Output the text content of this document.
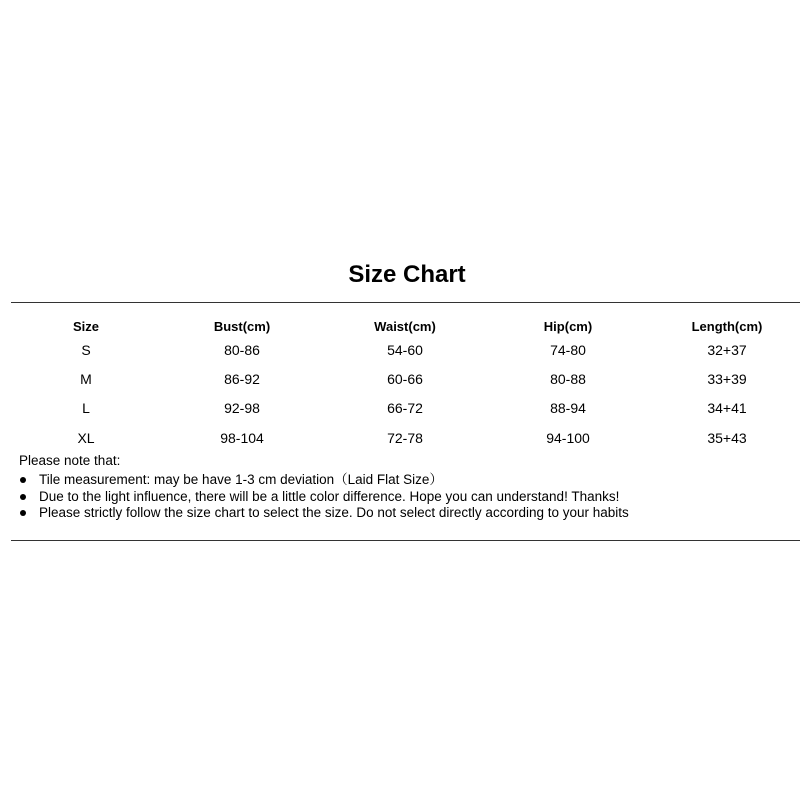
Size Chart
Size	Bust(cm)	Waist(cm)	Hip(cm)	Length(cm)
S	80-86	54-60	74-80	32+37
M	86-92	60-66	80-88	33+39
L	92-98	66-72	88-94	34+41
XL	98-104	72-78	94-100	35+43

Please note that:

Tile measurement: may be have 1-3 cm deviation（Laid Flat Size）
Due to the light influence, there will be a little color difference. Hope you can understand! Thanks!
Please strictly follow the size chart to select the size. Do not select directly according to your habits
